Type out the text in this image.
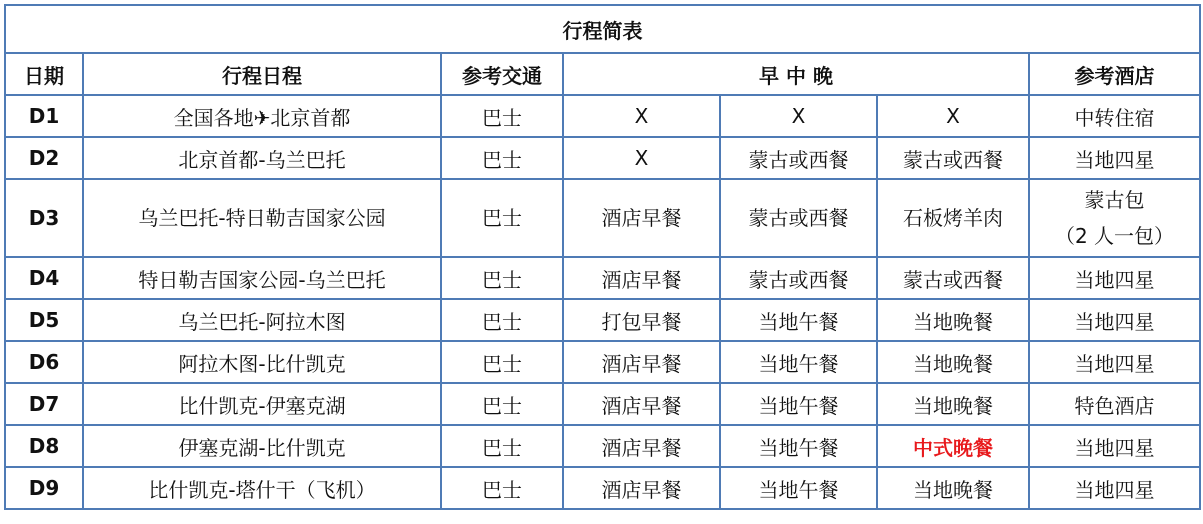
行程简表						
日期	行程日程	参考交通	早 中 晚			参考酒店
D1	全国各地✈北京首都	巴士	X	X	X	中转住宿
D2	北京首都-乌兰巴托	巴士	X	蒙古或西餐	蒙古或西餐	当地四星
D3	乌兰巴托-特日勒吉国家公园	巴士	酒店早餐	蒙古或西餐	石板烤羊肉	蒙古包
（2 人一包）

D4	特日勒吉国家公园-乌兰巴托	巴士	酒店早餐	蒙古或西餐	蒙古或西餐	当地四星
D5	乌兰巴托-阿拉木图	巴士	打包早餐	当地午餐	当地晚餐	当地四星
D6	阿拉木图-比什凯克	巴士	酒店早餐	当地午餐	当地晚餐	当地四星
D7	比什凯克-伊塞克湖	巴士	酒店早餐	当地午餐	当地晚餐	特色酒店
D8	伊塞克湖-比什凯克	巴士	酒店早餐	当地午餐	中式晚餐	当地四星
D9	比什凯克-塔什干（飞机）	巴士	酒店早餐	当地午餐	当地晚餐	当地四星
